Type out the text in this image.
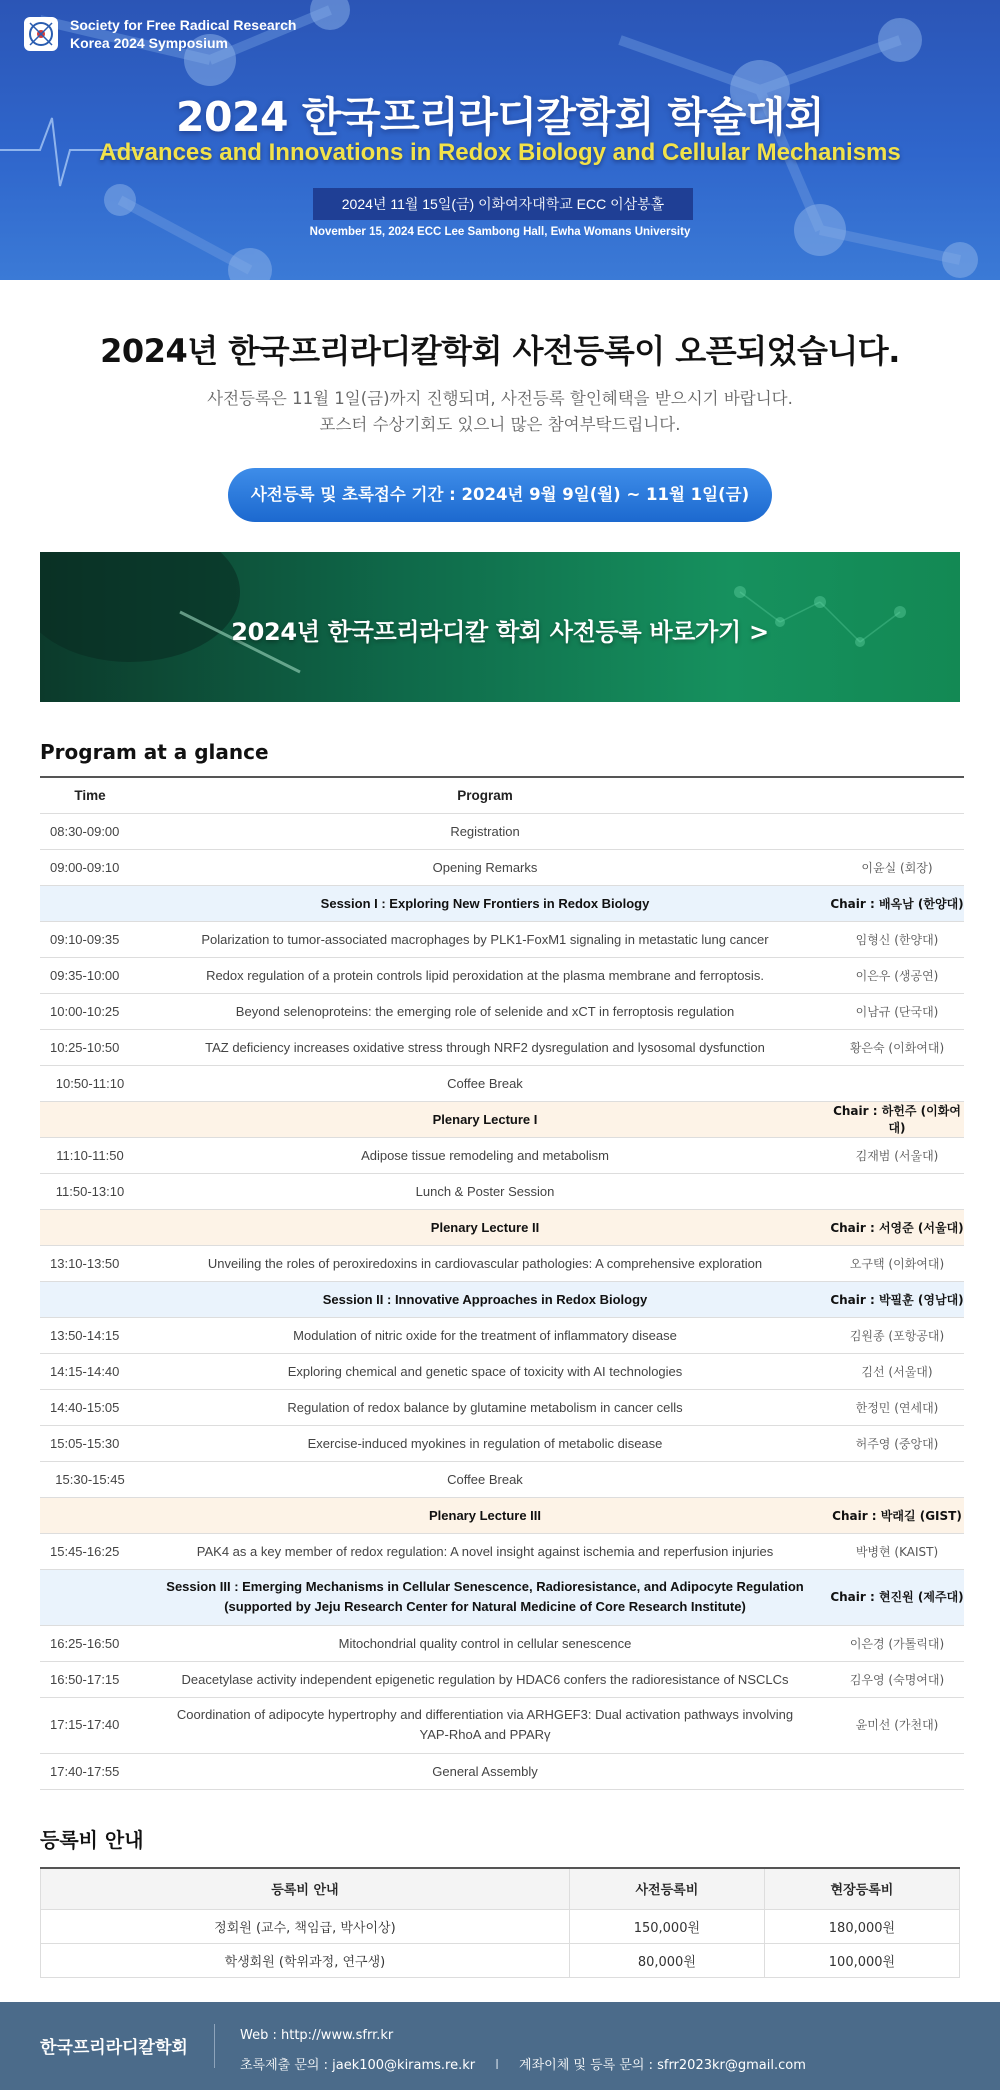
Society for Free Radical Research
Korea 2024 Symposium
2024 한국프리라디칼학회 학술대회
Advances and Innovations in Redox Biology and Cellular Mechanisms
2024년 11월 15일(금) 이화여자대학교 ECC 이삼봉홀
November 15, 2024 ECC Lee Sambong Hall, Ewha Womans University
2024년 한국프리라디칼학회 사전등록이 오픈되었습니다.
사전등록은 11월 1일(금)까지 진행되며, 사전등록 할인혜택을 받으시기 바랍니다.
포스터 수상기회도 있으니 많은 참여부탁드립니다.
사전등록 및 초록접수 기간 : 2024년 9월 9일(월) ~ 11월 1일(금)
2024년 한국프리라디칼 학회 사전등록 바로가기 >
Program at a glance
Time	Program	
08:30-09:00	Registration	

09:00-09:10	Opening Remarks	이윤실 (회장)

	Session I : Exploring New Frontiers in Redox Biology	Chair : 배옥남 (한양대)
09:10-09:35	Polarization to tumor-associated macrophages by PLK1-FoxM1 signaling in metastatic lung cancer	임형신 (한양대)
09:35-10:00	Redox regulation of a protein controls lipid peroxidation at the plasma membrane and ferroptosis.	이은우 (생공연)
10:00-10:25	Beyond selenoproteins: the emerging role of selenide and xCT in ferroptosis regulation	이남규 (단국대)
10:25-10:50	TAZ deficiency increases oxidative stress through NRF2 dysregulation and lysosomal dysfunction	황은숙 (이화여대)
10:50-11:10	Coffee Break	

	Plenary Lecture I	Chair : 하헌주 (이화여대)
11:10-11:50	Adipose tissue remodeling and metabolism	김재범 (서울대)
11:50-13:10	Lunch & Poster Session	

	Plenary Lecture II	Chair : 서영준 (서울대)
13:10-13:50	Unveiling the roles of peroxiredoxins in cardiovascular pathologies: A comprehensive exploration	오구택 (이화여대)

	Session II : Innovative Approaches in Redox Biology	Chair : 박필훈 (영남대)
13:50-14:15	Modulation of nitric oxide for the treatment of inflammatory disease	김원종 (포항공대)
14:15-14:40	Exploring chemical and genetic space of toxicity with AI technologies	김선 (서울대)
14:40-15:05	Regulation of redox balance by glutamine metabolism in cancer cells	한정민 (연세대)
15:05-15:30	Exercise-induced myokines in regulation of metabolic disease	허주영 (중앙대)
15:30-15:45	Coffee Break	

	Plenary Lecture III	Chair : 박래길 (GIST)
15:45-16:25	PAK4 as a key member of redox regulation: A novel insight against ischemia and reperfusion injuries	박병현 (KAIST)

	Session III : Emerging Mechanisms in Cellular Senescence, Radioresistance, and Adipocyte Regulation
(supported by Jeju Research Center for Natural Medicine of Core Research Institute)	Chair : 현진원 (제주대)
16:25-16:50	Mitochondrial quality control in cellular senescence	이은경 (가톨릭대)
16:50-17:15	Deacetylase activity independent epigenetic regulation by HDAC6 confers the radioresistance of NSCLCs	김우영 (숙명여대)
17:15-17:40	Coordination of adipocyte hypertrophy and differentiation via ARHGEF3: Dual activation pathways involving
YAP-RhoA and PPARγ	윤미선 (가천대)
17:40-17:55	General Assembly	

등록비 안내
등록비 안내	사전등록비	현장등록비
정회원 (교수, 책임급, 박사이상)	150,000원	180,000원
학생회원 (학위과정, 연구생)	80,000원	100,000원
한국프리라디칼학회
Web : http://www.sfrr.kr
초록제출 문의 : jaek100@kirams.re.kr l 계좌이체 및 등록 문의 : sfrr2023kr@gmail.com
